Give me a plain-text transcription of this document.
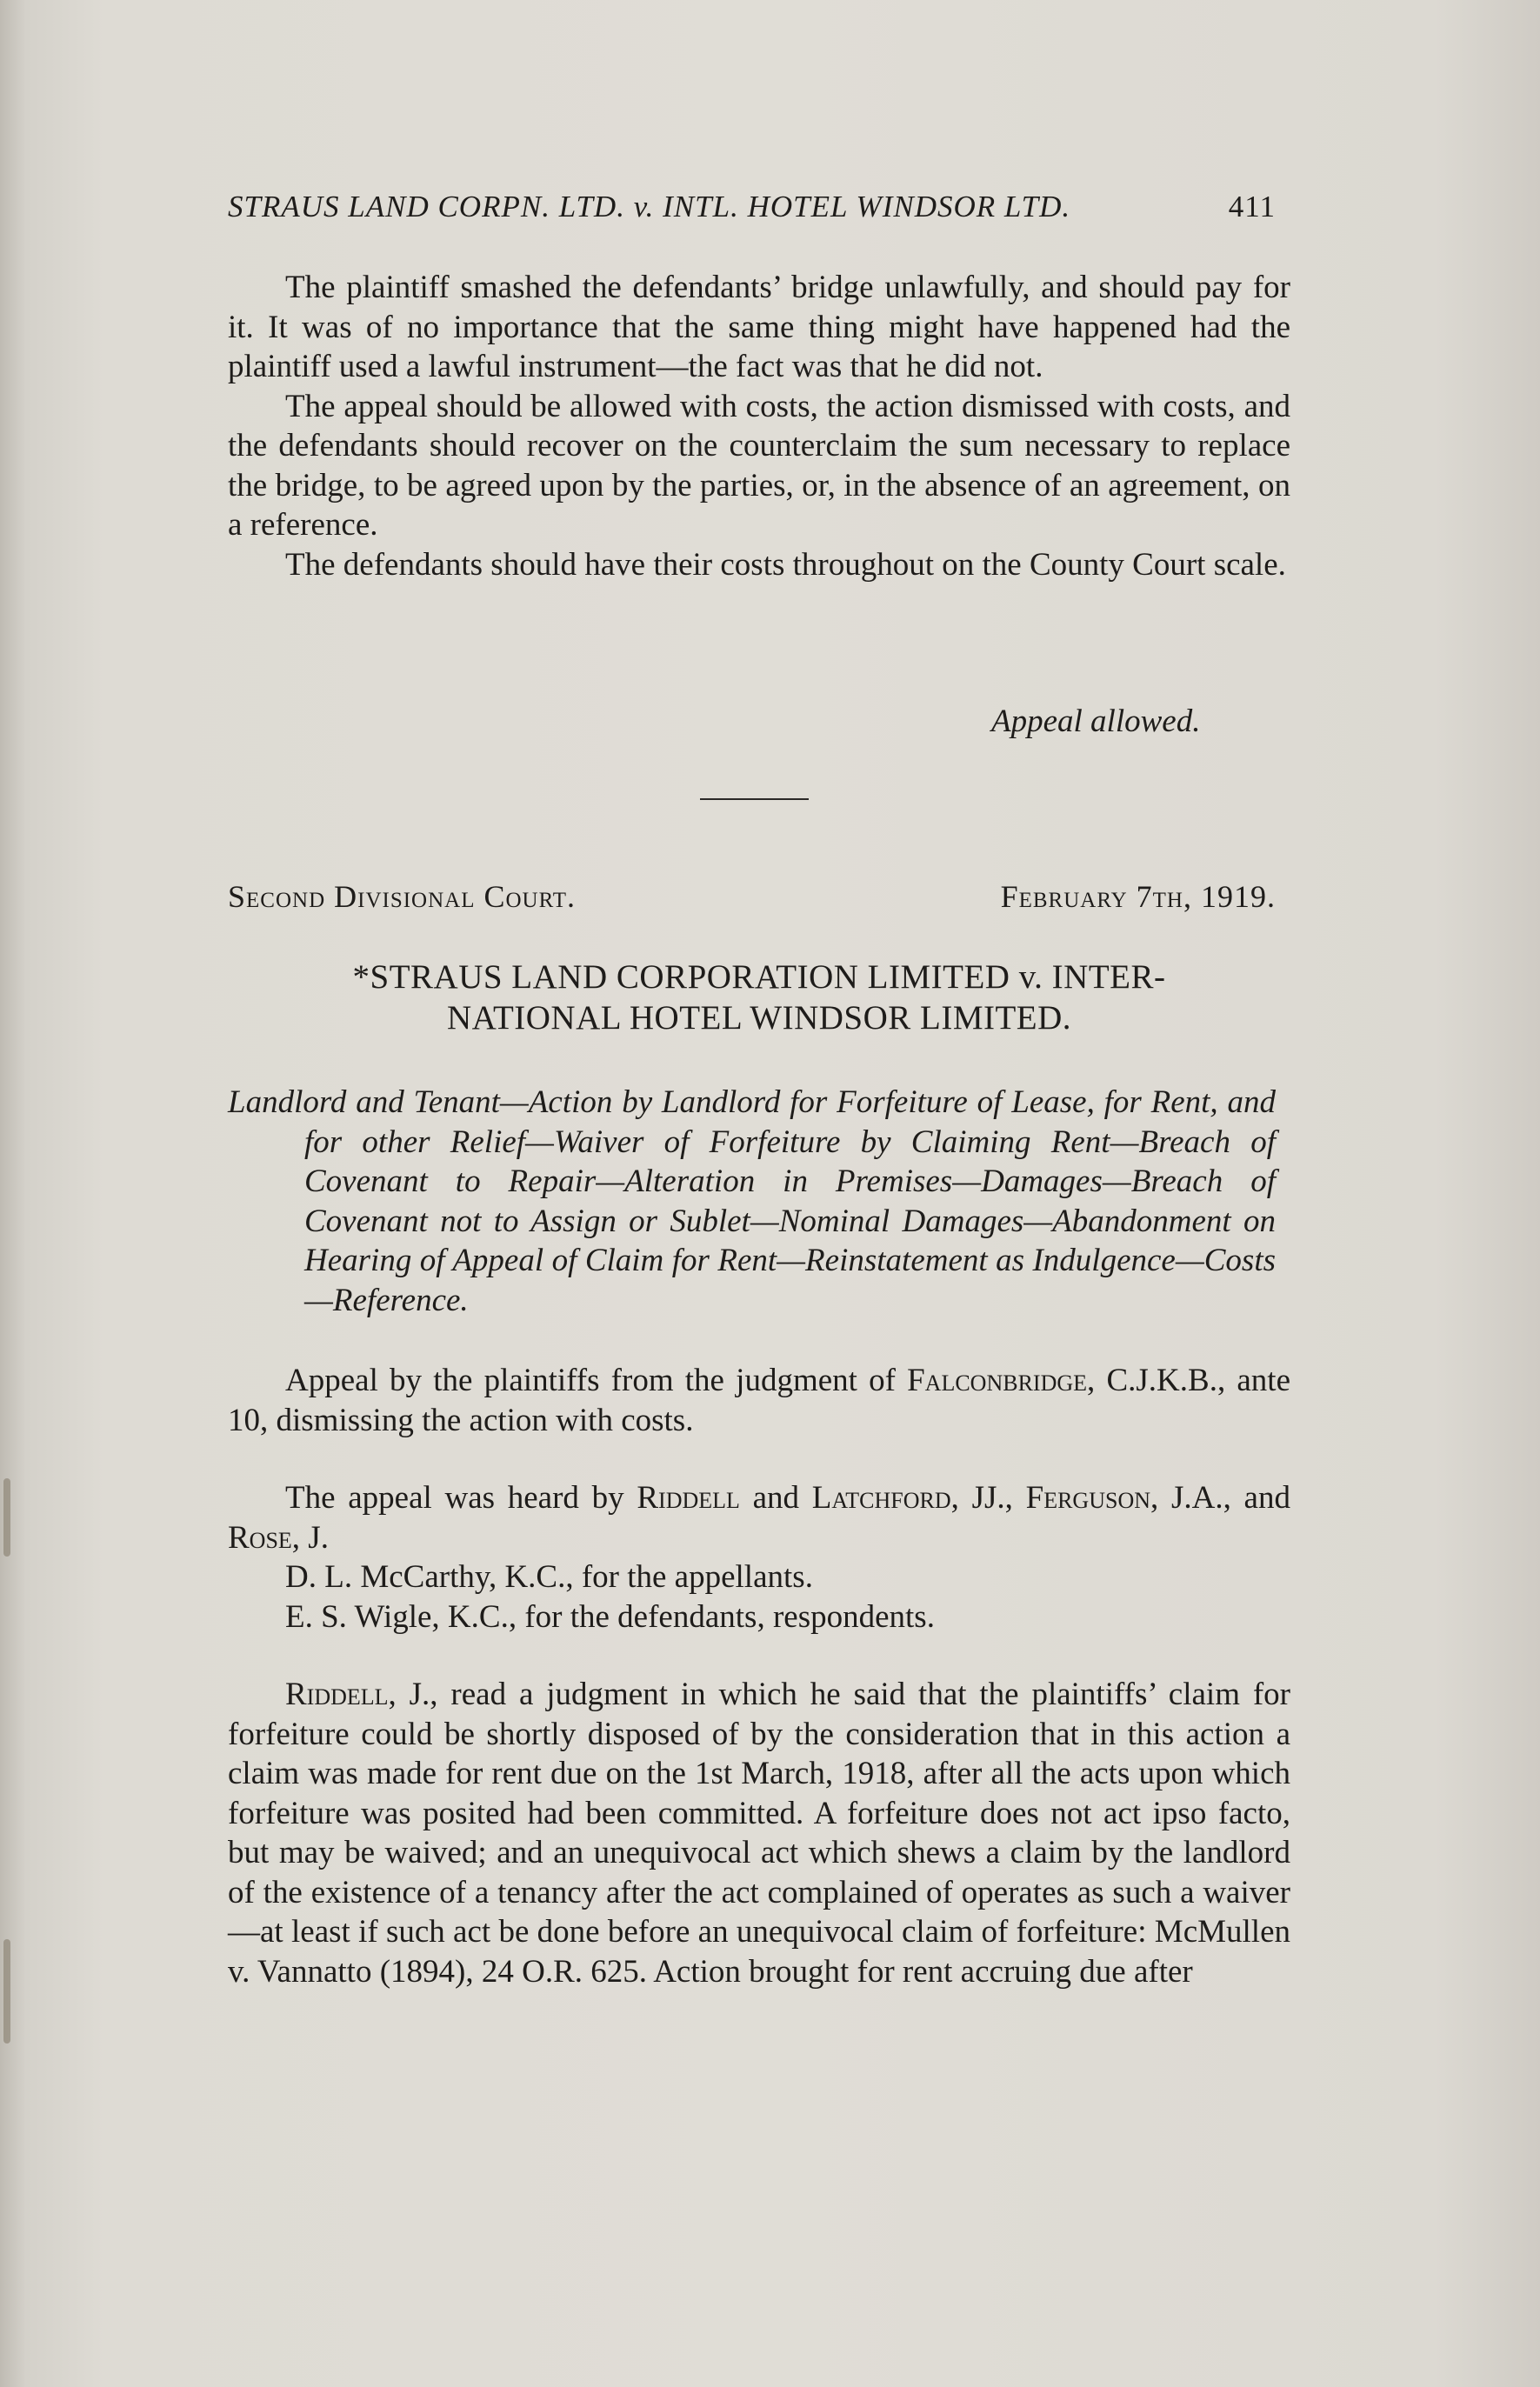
STRAUS LAND CORPN. LTD. v. INTL. HOTEL WINDSOR LTD.	411

The plaintiff smashed the defendants’ bridge unlawfully, and should pay for it. It was of no importance that the same thing might have happened had the plaintiff used a lawful instrument—the fact was that he did not.

The appeal should be allowed with costs, the action dismissed with costs, and the defendants should recover on the counterclaim the sum necessary to replace the bridge, to be agreed upon by the parties, or, in the absence of an agreement, on a reference.

The defendants should have their costs throughout on the County Court scale.

Appeal allowed.
Second Divisional Court.	February 7th, 1919.
*STRAUS LAND CORPORATION LIMITED v. INTER-
NATIONAL HOTEL WINDSOR LIMITED.
Landlord and Tenant—Action by Landlord for Forfeiture of Lease, for Rent, and for other Relief—Waiver of Forfeiture by Claiming Rent—Breach of Covenant to Repair—Alteration in Premises—Damages—Breach of Covenant not to Assign or Sublet—Nominal Damages—Abandonment on Hearing of Appeal of Claim for Rent—Reinstatement as Indulgence—Costs—Reference.

Appeal by the plaintiffs from the judgment of Falconbridge, C.J.K.B., ante 10, dismissing the action with costs.

The appeal was heard by Riddell and Latchford, JJ., Ferguson, J.A., and Rose, J.

D. L. McCarthy, K.C., for the appellants.

E. S. Wigle, K.C., for the defendants, respondents.

Riddell, J., read a judgment in which he said that the plaintiffs’ claim for forfeiture could be shortly disposed of by the consideration that in this action a claim was made for rent due on the 1st March, 1918, after all the acts upon which forfeiture was posited had been committed. A forfeiture does not act ipso facto, but may be waived; and an unequivocal act which shews a claim by the landlord of the existence of a tenancy after the act complained of operates as such a waiver—at least if such act be done before an unequivocal claim of forfeiture: McMullen v. Vannatto (1894), 24 O.R. 625. Action brought for rent accruing due after
